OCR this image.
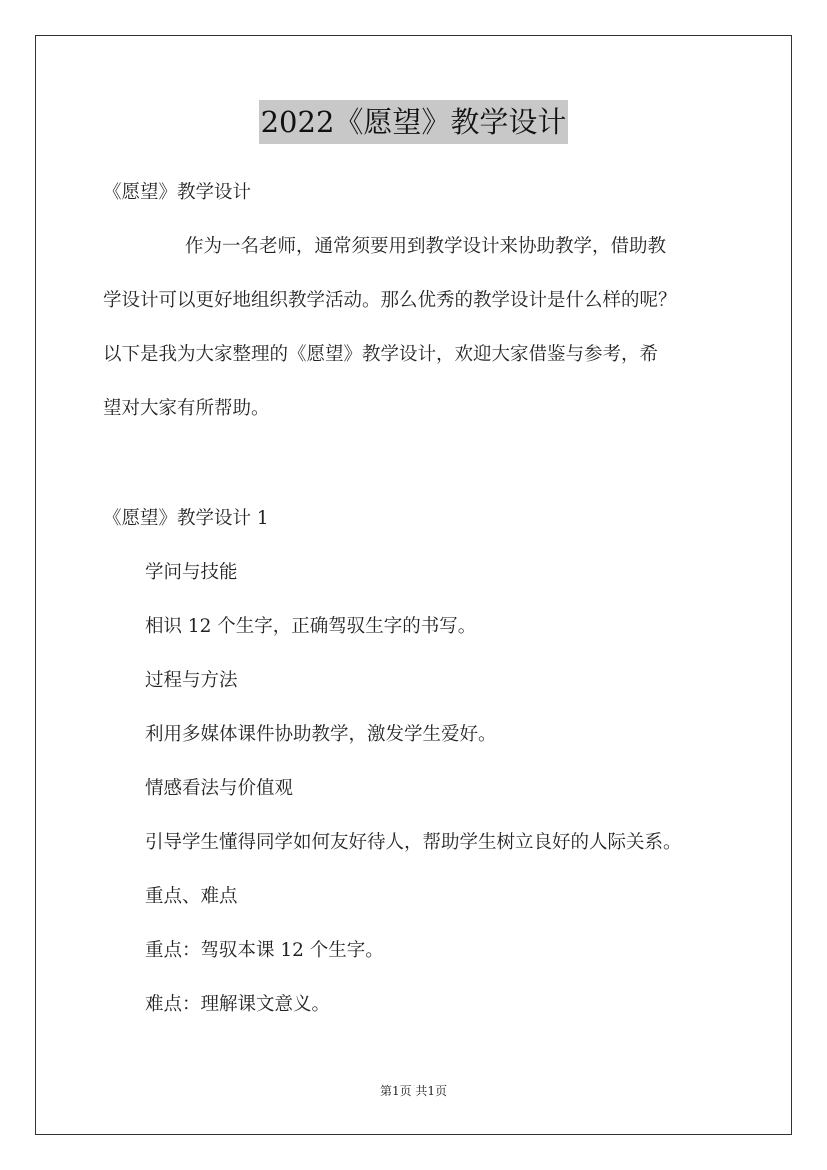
2022《愿望》教学设计
《愿望》教学设计
作为一名老师，通常须要用到教学设计来协助教学，借助教
学设计可以更好地组织教学活动。那么优秀的教学设计是什么样的呢？
以下是我为大家整理的《愿望》教学设计，欢迎大家借鉴与参考，希
望对大家有所帮助。
《愿望》教学设计 1
学问与技能
相识 12 个生字，正确驾驭生字的书写。
过程与方法
利用多媒体课件协助教学，激发学生爱好。
情感看法与价值观
引导学生懂得同学如何友好待人，帮助学生树立良好的人际关系。
重点、难点
重点：驾驭本课 12 个生字。
难点：理解课文意义。
第1页 共1页
